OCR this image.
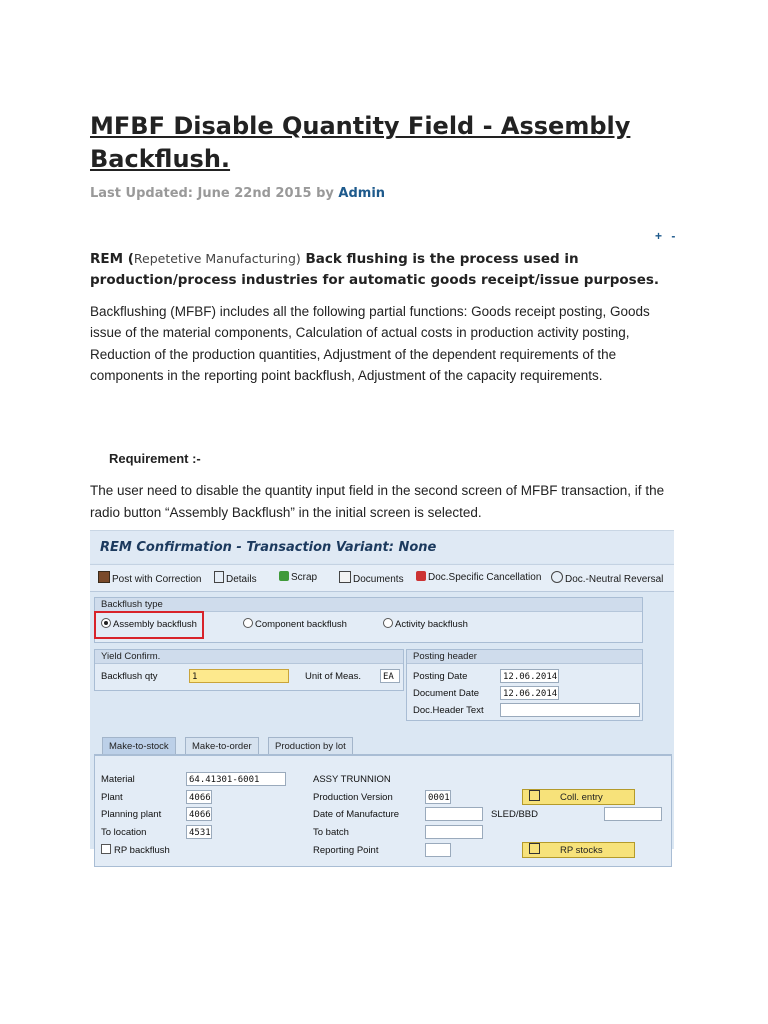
MFBF Disable Quantity Field - Assembly Backflush.
Last Updated: June 22nd 2015 by Admin
+ -
REM (Repetetive Manufacturing) Back flushing is the process used in production/process industries for automatic goods receipt/issue purposes.
Backflushing (MFBF) includes all the following partial functions: Goods receipt posting, Goods issue of the material components, Calculation of actual costs in production activity posting, Reduction of the production quantities, Adjustment of the dependent requirements of the components in the reporting point backflush, Adjustment of the capacity requirements.
Requirement :-
The user need to disable the quantity input field in the second screen of MFBF transaction, if the radio button “Assembly Backflush” in the initial screen is selected.
REM Confirmation - Transaction Variant: None
Post with Correction	Details	Scrap	Documents	Doc.Specific Cancellation	Doc.-Neutral Reversal
Backflush type
Assembly backflush	Component backflush	Activity backflush
Yield Confirm.
Backflush qty	1	Unit of Meas.	EA
Posting header
Posting Date	12.06.2014
Document Date	12.06.2014
Doc.Header Text
Make-to-stock	Make-to-order	Production by lot
Material	64.41301-6001	ASSY TRUNNION
Plant	4066	Production Version	0001	Coll. entry
Planning plant	4066	Date of Manufacture	SLED/BBD
To location	4531	To batch
RP backflush	Reporting Point	RP stocks
